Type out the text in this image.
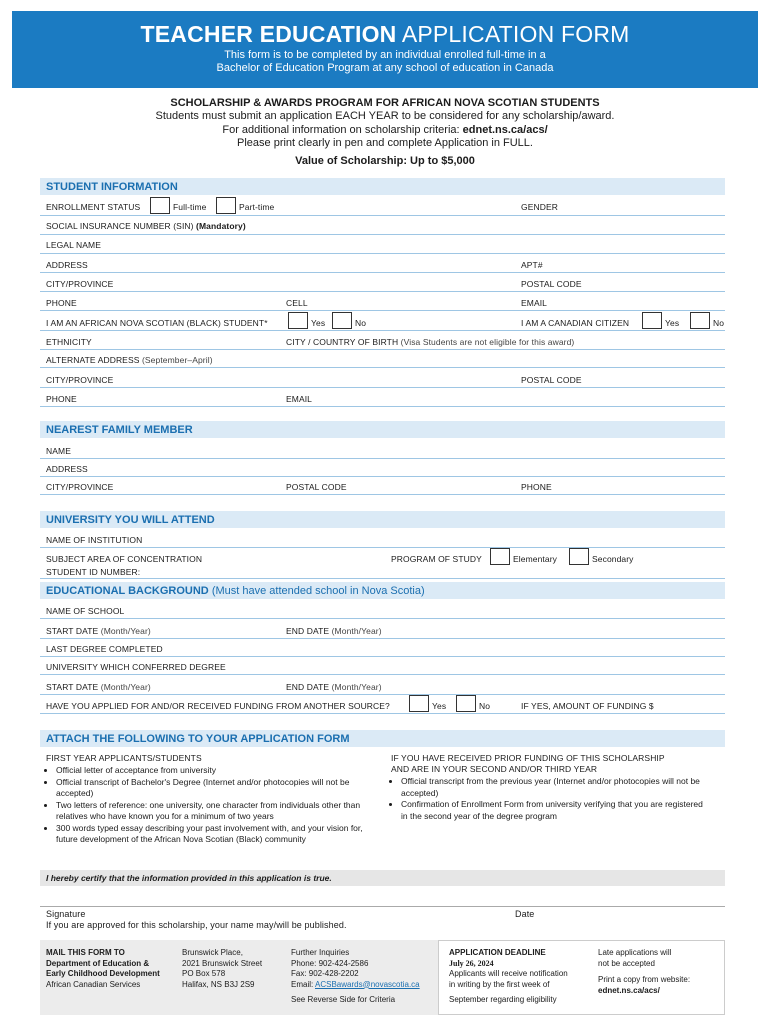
TEACHER EDUCATION APPLICATION FORM
This form is to be completed by an individual enrolled full-time in a
Bachelor of Education Program at any school of education in Canada
SCHOLARSHIP & AWARDS PROGRAM FOR AFRICAN NOVA SCOTIAN STUDENTS
Students must submit an application EACH YEAR to be considered for any scholarship/award.
For additional information on scholarship criteria: ednet.ns.ca/acs/
Please print clearly in pen and complete Application in FULL.
Value of Scholarship: Up to $5,000
STUDENT INFORMATION
ENROLLMENT STATUS	Full-time	Part-time	GENDER
SOCIAL INSURANCE NUMBER (SIN) (Mandatory)
LEGAL NAME
ADDRESS	APT#
CITY/PROVINCE	POSTAL CODE
PHONE	CELL	EMAIL
I AM AN AFRICAN NOVA SCOTIAN (BLACK) STUDENT*	Yes	No	I AM A CANADIAN CITIZEN	Yes	No
ETHNICITY	CITY / COUNTRY OF BIRTH (Visa Students are not eligible for this award)
ALTERNATE ADDRESS (September–April)
CITY/PROVINCE	POSTAL CODE
PHONE	EMAIL
NEAREST FAMILY MEMBER
NAME
ADDRESS
CITY/PROVINCE	POSTAL CODE	PHONE
UNIVERSITY YOU WILL ATTEND
NAME OF INSTITUTION
SUBJECT AREA OF CONCENTRATION	PROGRAM OF STUDY	Elementary	Secondary
STUDENT ID NUMBER:
EDUCATIONAL BACKGROUND (Must have attended school in Nova Scotia)
NAME OF SCHOOL
START DATE (Month/Year)	END DATE (Month/Year)
LAST DEGREE COMPLETED
UNIVERSITY WHICH CONFERRED DEGREE
START DATE (Month/Year)	END DATE (Month/Year)
HAVE YOU APPLIED FOR AND/OR RECEIVED FUNDING FROM ANOTHER SOURCE?	Yes	No	IF YES, AMOUNT OF FUNDING $
ATTACH THE FOLLOWING TO YOUR APPLICATION FORM
FIRST YEAR APPLICANTS/STUDENTS
• Official letter of acceptance from university
• Official transcript of Bachelor's Degree (Internet and/or photocopies will not be accepted)
• Two letters of reference: one university, one character from individuals other than relatives who have known you for a minimum of two years
• 300 words typed essay describing your past involvement with, and your vision for, future development of the African Nova Scotian (Black) community
IF YOU HAVE RECEIVED PRIOR FUNDING OF THIS SCHOLARSHIP
AND ARE IN YOUR SECOND AND/OR THIRD YEAR
• Official transcript from the previous year (Internet and/or photocopies will not be accepted)
• Confirmation of Enrollment Form from university verifying that you are registered in the second year of the degree program
I hereby certify that the information provided in this application is true.
Signature	Date
If you are approved for this scholarship, your name may/will be published.
MAIL THIS FORM TO
Department of Education &
Early Childhood Development
African Canadian Services
Brunswick Place,
2021 Brunswick Street
PO Box 578
Halifax, NS B3J 2S9
Further Inquiries
Phone: 902-424-2586
Fax: 902-428-2202
Email: ACSBawards@novascotia.ca
See Reverse Side for Criteria
APPLICATION DEADLINE
July 26, 2024
Applicants will receive notification
in writing by the first week of
September regarding eligibility
Late applications will
not be accepted
Print a copy from website:
ednet.ns.ca/acs/
